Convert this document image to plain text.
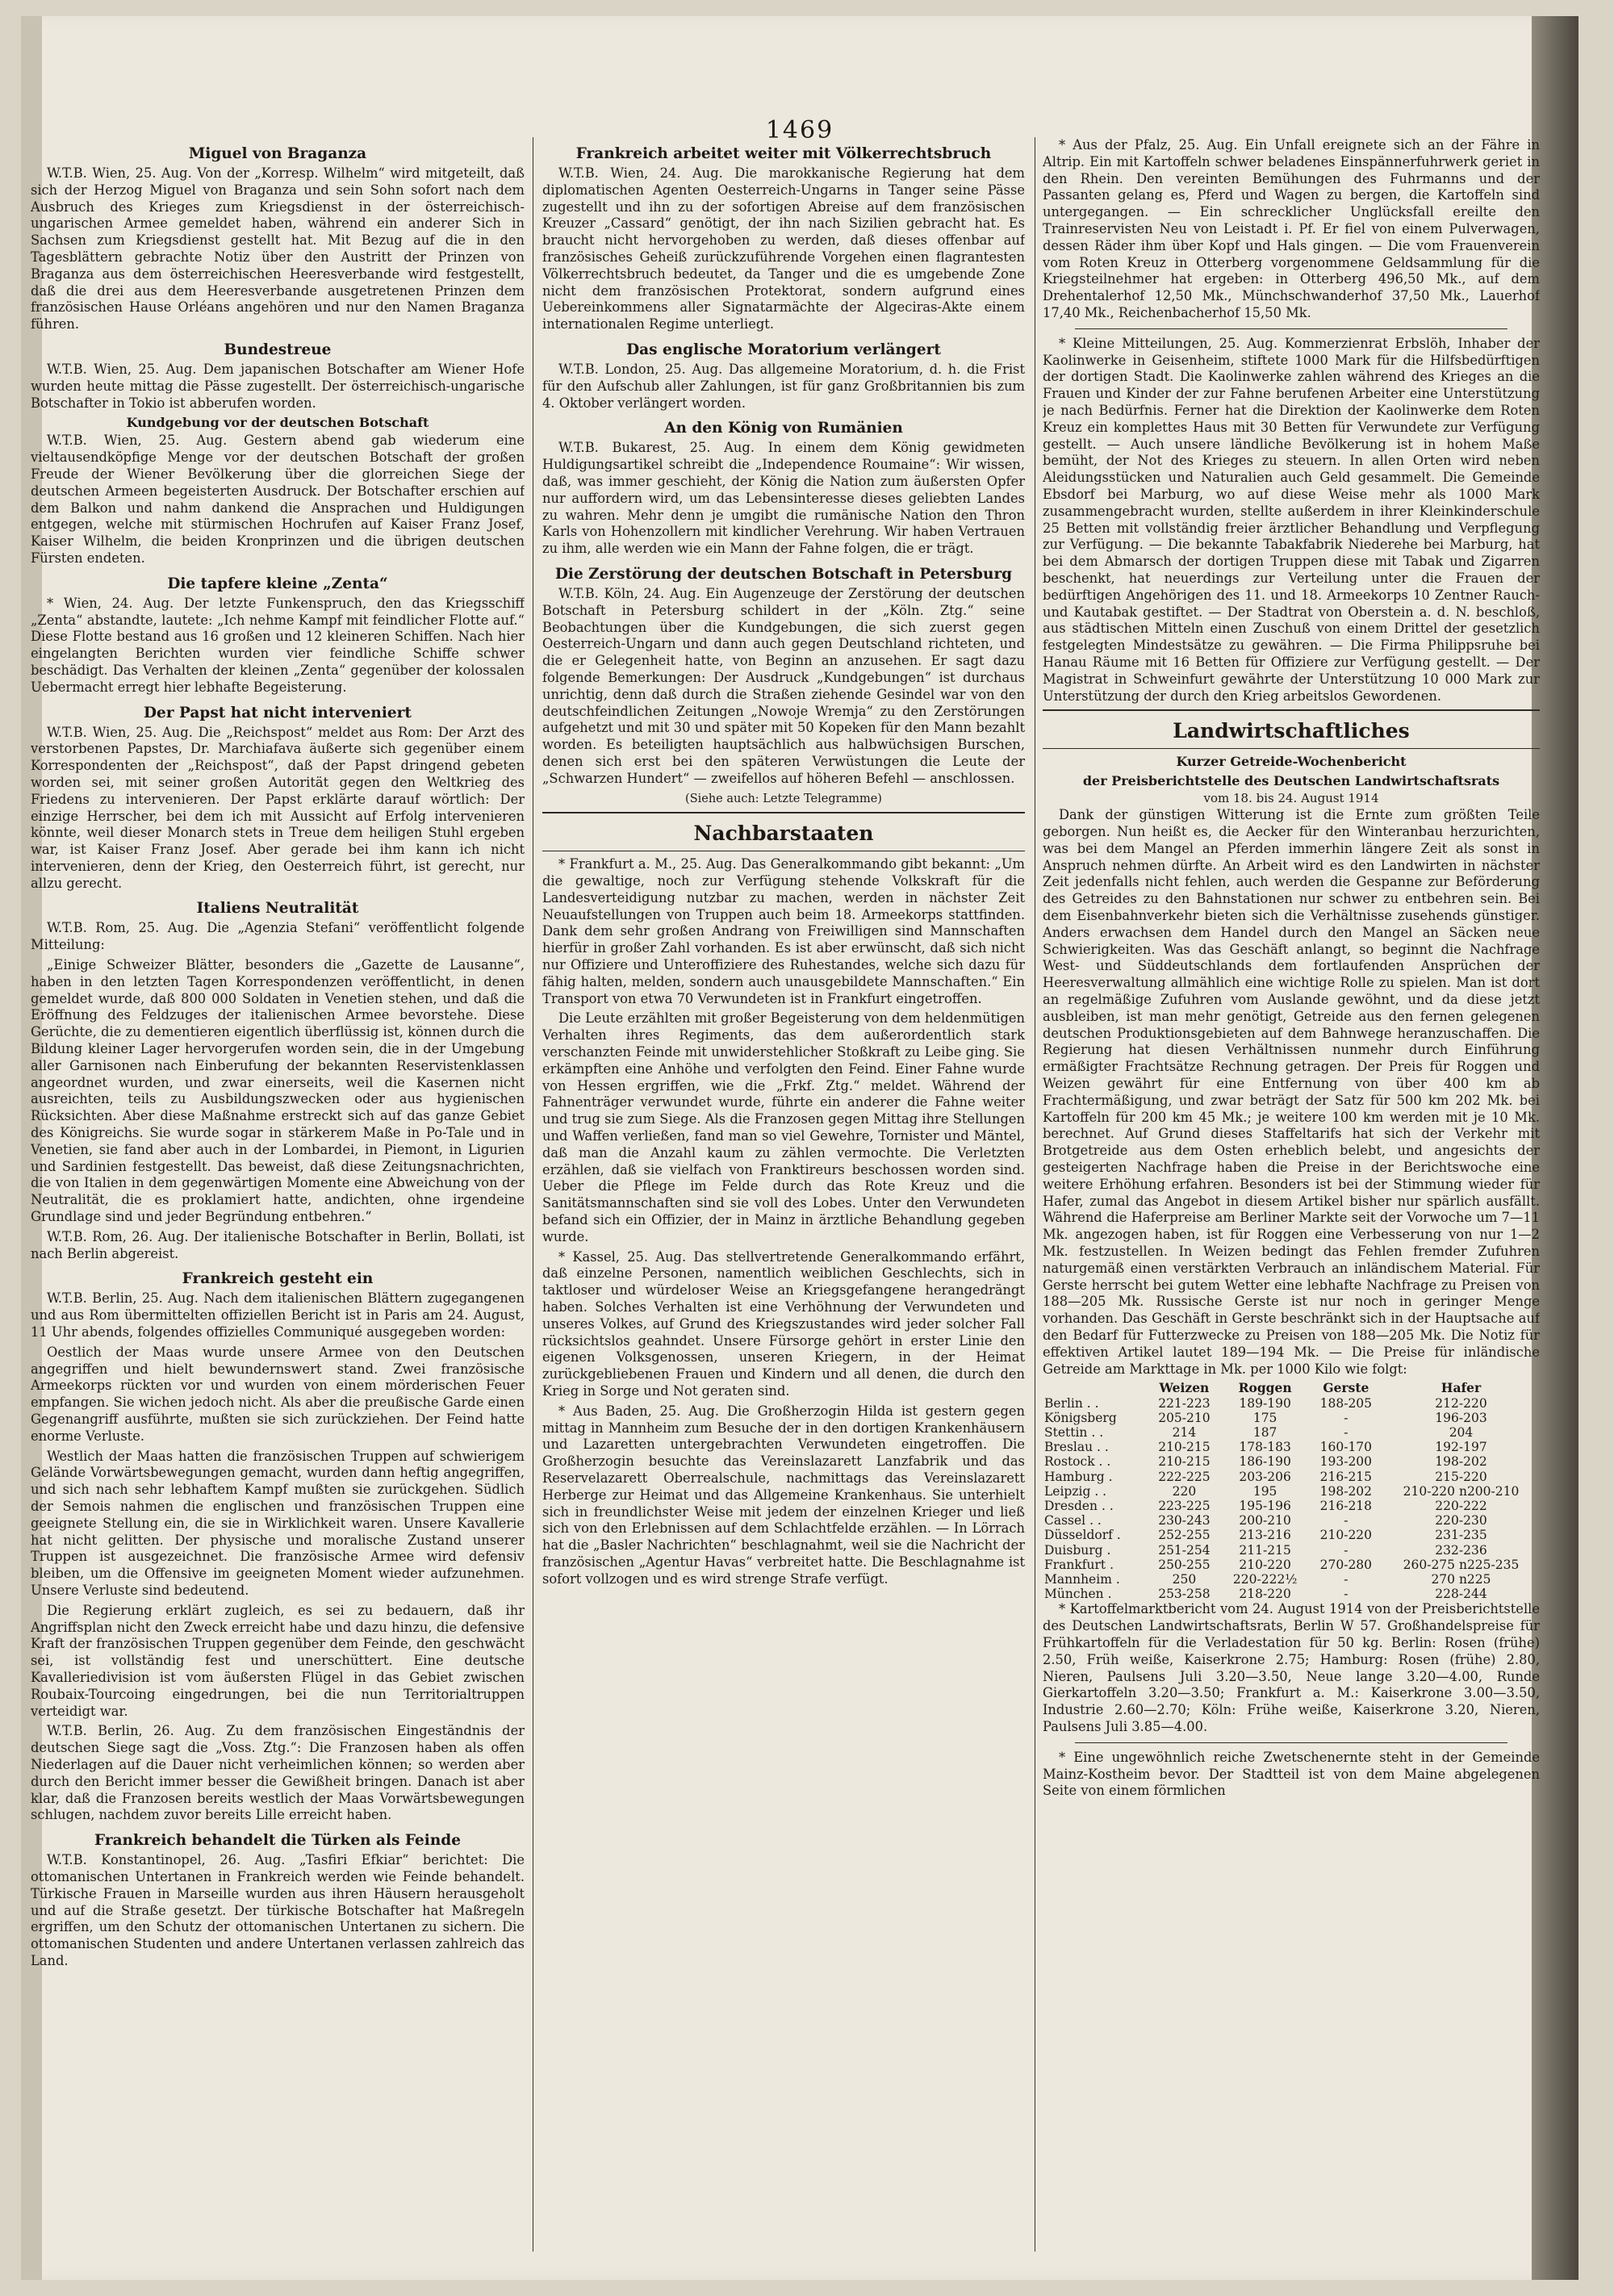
1469
Miguel von Braganza

W.T.B. Wien, 25. Aug. Von der „Korresp. Wilhelm“ wird mitgeteilt, daß sich der Herzog Miguel von Braganza und sein Sohn sofort nach dem Ausbruch des Krieges zum Kriegsdienst in der österreichisch-ungarischen Armee gemeldet haben, während ein anderer Sich in Sachsen zum Kriegsdienst gestellt hat. Mit Bezug auf die in den Tagesblättern gebrachte Notiz über den Austritt der Prinzen von Braganza aus dem österreichischen Heeresverbande wird festgestellt, daß die drei aus dem Heeresverbande ausgetretenen Prinzen dem französischen Hause Orléans angehören und nur den Namen Braganza führen.

Bundestreue

W.T.B. Wien, 25. Aug. Dem japanischen Botschafter am Wiener Hofe wurden heute mittag die Pässe zugestellt. Der österreichisch-ungarische Botschafter in Tokio ist abberufen worden.

Kundgebung vor der deutschen Botschaft

W.T.B. Wien, 25. Aug. Gestern abend gab wiederum eine vieltausendköpfige Menge vor der deutschen Botschaft der großen Freude der Wiener Bevölkerung über die glorreichen Siege der deutschen Armeen begeisterten Ausdruck. Der Botschafter erschien auf dem Balkon und nahm dankend die Ansprachen und Huldigungen entgegen, welche mit stürmischen Hochrufen auf Kaiser Franz Josef, Kaiser Wilhelm, die beiden Kronprinzen und die übrigen deutschen Fürsten endeten.

Die tapfere kleine „Zenta“

* Wien, 24. Aug. Der letzte Funkenspruch, den das Kriegsschiff „Zenta“ abstandte, lautete: „Ich nehme Kampf mit feindlicher Flotte auf.“ Diese Flotte bestand aus 16 großen und 12 kleineren Schiffen. Nach hier eingelangten Berichten wurden vier feindliche Schiffe schwer beschädigt. Das Verhalten der kleinen „Zenta“ gegenüber der kolossalen Uebermacht erregt hier lebhafte Begeisterung.

Der Papst hat nicht interveniert

W.T.B. Wien, 25. Aug. Die „Reichspost“ meldet aus Rom: Der Arzt des verstorbenen Papstes, Dr. Marchiafava äußerte sich gegenüber einem Korrespondenten der „Reichspost“, daß der Papst dringend gebeten worden sei, mit seiner großen Autorität gegen den Weltkrieg des Friedens zu intervenieren. Der Papst erklärte darauf wörtlich: Der einzige Herrscher, bei dem ich mit Aussicht auf Erfolg intervenieren könnte, weil dieser Monarch stets in Treue dem heiligen Stuhl ergeben war, ist Kaiser Franz Josef. Aber gerade bei ihm kann ich nicht intervenieren, denn der Krieg, den Oesterreich führt, ist gerecht, nur allzu gerecht.

Italiens Neutralität

W.T.B. Rom, 25. Aug. Die „Agenzia Stefani“ veröffentlicht folgende Mitteilung:

„Einige Schweizer Blätter, besonders die „Gazette de Lausanne“, haben in den letzten Tagen Korrespondenzen veröffentlicht, in denen gemeldet wurde, daß 800 000 Soldaten in Venetien stehen, und daß die Eröffnung des Feldzuges der italienischen Armee bevorstehe. Diese Gerüchte, die zu dementieren eigentlich überflüssig ist, können durch die Bildung kleiner Lager hervorgerufen worden sein, die in der Umgebung aller Garnisonen nach Einberufung der bekannten Reservistenklassen angeordnet wurden, und zwar einerseits, weil die Kasernen nicht ausreichten, teils zu Ausbildungszwecken oder aus hygienischen Rücksichten. Aber diese Maßnahme erstreckt sich auf das ganze Gebiet des Königreichs. Sie wurde sogar in stärkerem Maße in Po-Tale und in Venetien, sie fand aber auch in der Lombardei, in Piemont, in Ligurien und Sardinien festgestellt. Das beweist, daß diese Zeitungsnachrichten, die von Italien in dem gegenwärtigen Momente eine Abweichung von der Neutralität, die es proklamiert hatte, andichten, ohne irgendeine Grundlage sind und jeder Begründung entbehren.“

W.T.B. Rom, 26. Aug. Der italienische Botschafter in Berlin, Bollati, ist nach Berlin abgereist.

Frankreich gesteht ein

W.T.B. Berlin, 25. Aug. Nach dem italienischen Blättern zugegangenen und aus Rom übermittelten offiziellen Bericht ist in Paris am 24. August, 11 Uhr abends, folgendes offizielles Communiqué ausgegeben worden:

Oestlich der Maas wurde unsere Armee von den Deutschen angegriffen und hielt bewundernswert stand. Zwei französische Armeekorps rückten vor und wurden von einem mörderischen Feuer empfangen. Sie wichen jedoch nicht. Als aber die preußische Garde einen Gegenangriff ausführte, mußten sie sich zurückziehen. Der Feind hatte enorme Verluste.

Westlich der Maas hatten die französischen Truppen auf schwierigem Gelände Vorwärtsbewegungen gemacht, wurden dann heftig angegriffen, und sich nach sehr lebhaftem Kampf mußten sie zurückgehen. Südlich der Semois nahmen die englischen und französischen Truppen eine geeignete Stellung ein, die sie in Wirklichkeit waren. Unsere Kavallerie hat nicht gelitten. Der physische und moralische Zustand unserer Truppen ist ausgezeichnet. Die französische Armee wird defensiv bleiben, um die Offensive im geeigneten Moment wieder aufzunehmen. Unsere Verluste sind bedeutend.

Die Regierung erklärt zugleich, es sei zu bedauern, daß ihr Angriffsplan nicht den Zweck erreicht habe und dazu hinzu, die defensive Kraft der französischen Truppen gegenüber dem Feinde, den geschwächt sei, ist vollständig fest und unerschüttert. Eine deutsche Kavalleriedivision ist vom äußersten Flügel in das Gebiet zwischen Roubaix-Tourcoing eingedrungen, bei die nun Territorialtruppen verteidigt war.

W.T.B. Berlin, 26. Aug. Zu dem französischen Eingeständnis der deutschen Siege sagt die „Voss. Ztg.“: Die Franzosen haben als offen Niederlagen auf die Dauer nicht verheimlichen können; so werden aber durch den Bericht immer besser die Gewißheit bringen. Danach ist aber klar, daß die Franzosen bereits westlich der Maas Vorwärtsbewegungen schlugen, nachdem zuvor bereits Lille erreicht haben.

Frankreich behandelt die Türken als Feinde

W.T.B. Konstantinopel, 26. Aug. „Tasfiri Efkiar“ berichtet: Die ottomanischen Untertanen in Frankreich werden wie Feinde behandelt. Türkische Frauen in Marseille wurden aus ihren Häusern herausgeholt und auf die Straße gesetzt. Der türkische Botschafter hat Maßregeln ergriffen, um den Schutz der ottomanischen Untertanen zu sichern. Die ottomanischen Studenten und andere Untertanen verlassen zahlreich das Land.

Frankreich arbeitet weiter mit Völkerrechtsbruch

W.T.B. Wien, 24. Aug. Die marokkanische Regierung hat dem diplomatischen Agenten Oesterreich-Ungarns in Tanger seine Pässe zugestellt und ihn zu der sofortigen Abreise auf dem französischen Kreuzer „Cassard“ genötigt, der ihn nach Sizilien gebracht hat. Es braucht nicht hervorgehoben zu werden, daß dieses offenbar auf französisches Geheiß zurückzuführende Vorgehen einen flagrantesten Völkerrechtsbruch bedeutet, da Tanger und die es umgebende Zone nicht dem französischen Protektorat, sondern aufgrund eines Uebereinkommens aller Signatarmächte der Algeciras-Akte einem internationalen Regime unterliegt.

Das englische Moratorium verlängert

W.T.B. London, 25. Aug. Das allgemeine Moratorium, d. h. die Frist für den Aufschub aller Zahlungen, ist für ganz Großbritannien bis zum 4. Oktober verlängert worden.

An den König von Rumänien

W.T.B. Bukarest, 25. Aug. In einem dem König gewidmeten Huldigungsartikel schreibt die „Independence Roumaine“: Wir wissen, daß, was immer geschieht, der König die Nation zum äußersten Opfer nur auffordern wird, um das Lebensinteresse dieses geliebten Landes zu wahren. Mehr denn je umgibt die rumänische Nation den Thron Karls von Hohenzollern mit kindlicher Verehrung. Wir haben Vertrauen zu ihm, alle werden wie ein Mann der Fahne folgen, die er trägt.

Die Zerstörung der deutschen Botschaft in Petersburg

W.T.B. Köln, 24. Aug. Ein Augenzeuge der Zerstörung der deutschen Botschaft in Petersburg schildert in der „Köln. Ztg.“ seine Beobachtungen über die Kundgebungen, die sich zuerst gegen Oesterreich-Ungarn und dann auch gegen Deutschland richteten, und die er Gelegenheit hatte, von Beginn an anzusehen. Er sagt dazu folgende Bemerkungen: Der Ausdruck „Kundgebungen“ ist durchaus unrichtig, denn daß durch die Straßen ziehende Gesindel war von den deutschfeindlichen Zeitungen „Nowoje Wremja“ zu den Zerstörungen aufgehetzt und mit 30 und später mit 50 Kopeken für den Mann bezahlt worden. Es beteiligten hauptsächlich aus halbwüchsigen Burschen, denen sich erst bei den späteren Verwüstungen die Leute der „Schwarzen Hundert“ — zweifellos auf höheren Befehl — anschlossen.

(Siehe auch: Letzte Telegramme)
Nachbarstaaten

* Frankfurt a. M., 25. Aug. Das Generalkommando gibt bekannt: „Um die gewaltige, noch zur Verfügung stehende Volkskraft für die Landesverteidigung nutzbar zu machen, werden in nächster Zeit Neuaufstellungen von Truppen auch beim 18. Armeekorps stattfinden. Dank dem sehr großen Andrang von Freiwilligen sind Mannschaften hierfür in großer Zahl vorhanden. Es ist aber erwünscht, daß sich nicht nur Offiziere und Unteroffiziere des Ruhestandes, welche sich dazu für fähig halten, melden, sondern auch unausgebildete Mannschaften.“ Ein Transport von etwa 70 Verwundeten ist in Frankfurt eingetroffen.

Die Leute erzählten mit großer Begeisterung von dem heldenmütigen Verhalten ihres Regiments, das dem außerordentlich stark verschanzten Feinde mit unwiderstehlicher Stoßkraft zu Leibe ging. Sie erkämpften eine Anhöhe und verfolgten den Feind. Einer Fahne wurde von Hessen ergriffen, wie die „Frkf. Ztg.“ meldet. Während der Fahnenträger verwundet wurde, führte ein anderer die Fahne weiter und trug sie zum Siege. Als die Franzosen gegen Mittag ihre Stellungen und Waffen verließen, fand man so viel Gewehre, Tornister und Mäntel, daß man die Anzahl kaum zu zählen vermochte. Die Verletzten erzählen, daß sie vielfach von Franktireurs beschossen worden sind. Ueber die Pflege im Felde durch das Rote Kreuz und die Sanitätsmannschaften sind sie voll des Lobes. Unter den Verwundeten befand sich ein Offizier, der in Mainz in ärztliche Behandlung gegeben wurde.

* Kassel, 25. Aug. Das stellvertretende Generalkommando erfährt, daß einzelne Personen, namentlich weiblichen Geschlechts, sich in taktloser und würdeloser Weise an Kriegsgefangene herangedrängt haben. Solches Verhalten ist eine Verhöhnung der Verwundeten und unseres Volkes, auf Grund des Kriegszustandes wird jeder solcher Fall rücksichtslos geahndet. Unsere Fürsorge gehört in erster Linie den eigenen Volksgenossen, unseren Kriegern, in der Heimat zurückgebliebenen Frauen und Kindern und all denen, die durch den Krieg in Sorge und Not geraten sind.

* Aus Baden, 25. Aug. Die Großherzogin Hilda ist gestern gegen mittag in Mannheim zum Besuche der in den dortigen Krankenhäusern und Lazaretten untergebrachten Verwundeten eingetroffen. Die Großherzogin besuchte das Vereinslazarett Lanzfabrik und das Reservelazarett Oberrealschule, nachmittags das Vereinslazarett Herberge zur Heimat und das Allgemeine Krankenhaus. Sie unterhielt sich in freundlichster Weise mit jedem der einzelnen Krieger und ließ sich von den Erlebnissen auf dem Schlachtfelde erzählen. — In Lörrach hat die „Basler Nachrichten“ beschlagnahmt, weil sie die Nachricht der französischen „Agentur Havas“ verbreitet hatte. Die Beschlagnahme ist sofort vollzogen und es wird strenge Strafe verfügt.

* Aus der Pfalz, 25. Aug. Ein Unfall ereignete sich an der Fähre in Altrip. Ein mit Kartoffeln schwer beladenes Einspännerfuhrwerk geriet in den Rhein. Den vereinten Bemühungen des Fuhrmanns und der Passanten gelang es, Pferd und Wagen zu bergen, die Kartoffeln sind untergegangen. — Ein schrecklicher Unglücksfall ereilte den Trainreservisten Neu von Leistadt i. Pf. Er fiel von einem Pulverwagen, dessen Räder ihm über Kopf und Hals gingen. — Die vom Frauenverein vom Roten Kreuz in Otterberg vorgenommene Geldsammlung für die Kriegsteilnehmer hat ergeben: in Otterberg 496,50 Mk., auf dem Drehentalerhof 12,50 Mk., Münchschwanderhof 37,50 Mk., Lauerhof 17,40 Mk., Reichenbacherhof 15,50 Mk.

* Kleine Mitteilungen, 25. Aug. Kommerzienrat Erbslöh, Inhaber der Kaolinwerke in Geisenheim, stiftete 1000 Mark für die Hilfsbedürftigen der dortigen Stadt. Die Kaolinwerke zahlen während des Krieges an die Frauen und Kinder der zur Fahne berufenen Arbeiter eine Unterstützung je nach Bedürfnis. Ferner hat die Direktion der Kaolinwerke dem Roten Kreuz ein komplettes Haus mit 30 Betten für Verwundete zur Verfügung gestellt. — Auch unsere ländliche Bevölkerung ist in hohem Maße bemüht, der Not des Krieges zu steuern. In allen Orten wird neben Aleidungsstücken und Naturalien auch Geld gesammelt. Die Gemeinde Ebsdorf bei Marburg, wo auf diese Weise mehr als 1000 Mark zusammengebracht wurden, stellte außerdem in ihrer Kleinkinderschule 25 Betten mit vollständig freier ärztlicher Behandlung und Verpflegung zur Verfügung. — Die bekannte Tabakfabrik Niederehe bei Marburg, hat bei dem Abmarsch der dortigen Truppen diese mit Tabak und Zigarren beschenkt, hat neuerdings zur Verteilung unter die Frauen der bedürftigen Angehörigen des 11. und 18. Armeekorps 10 Zentner Rauch- und Kautabak gestiftet. — Der Stadtrat von Oberstein a. d. N. beschloß, aus städtischen Mitteln einen Zuschuß von einem Drittel der gesetzlich festgelegten Mindestsätze zu gewähren. — Die Firma Philippsruhe bei Hanau Räume mit 16 Betten für Offiziere zur Verfügung gestellt. — Der Magistrat in Schweinfurt gewährte der Unterstützung 10 000 Mark zur Unterstützung der durch den Krieg arbeitslos Gewordenen.

Landwirtschaftliches
Kurzer Getreide-Wochenbericht
der Preisberichtstelle des Deutschen Landwirtschaftsrats
vom 18. bis 24. August 1914

Dank der günstigen Witterung ist die Ernte zum größten Teile geborgen. Nun heißt es, die Aecker für den Winteranbau herzurichten, was bei dem Mangel an Pferden immerhin längere Zeit als sonst in Anspruch nehmen dürfte. An Arbeit wird es den Landwirten in nächster Zeit jedenfalls nicht fehlen, auch werden die Gespanne zur Beförderung des Getreides zu den Bahnstationen nur schwer zu entbehren sein. Bei dem Eisenbahnverkehr bieten sich die Verhältnisse zusehends günstiger. Anders erwachsen dem Handel durch den Mangel an Säcken neue Schwierigkeiten. Was das Geschäft anlangt, so beginnt die Nachfrage West- und Süddeutschlands dem fortlaufenden Ansprüchen der Heeresverwaltung allmählich eine wichtige Rolle zu spielen. Man ist dort an regelmäßige Zufuhren vom Auslande gewöhnt, und da diese jetzt ausbleiben, ist man mehr genötigt, Getreide aus den fernen gelegenen deutschen Produktionsgebieten auf dem Bahnwege heranzuschaffen. Die Regierung hat diesen Verhältnissen nunmehr durch Einführung ermäßigter Frachtsätze Rechnung getragen. Der Preis für Roggen und Weizen gewährt für eine Entfernung von über 400 km ab Frachtermäßigung, und zwar beträgt der Satz für 500 km 202 Mk. bei Kartoffeln für 200 km 45 Mk.; je weitere 100 km werden mit je 10 Mk. berechnet. Auf Grund dieses Staffeltarifs hat sich der Verkehr mit Brotgetreide aus dem Osten erheblich belebt, und angesichts der gesteigerten Nachfrage haben die Preise in der Berichtswoche eine weitere Erhöhung erfahren. Besonders ist bei der Stimmung wieder für Hafer, zumal das Angebot in diesem Artikel bisher nur spärlich ausfällt. Während die Haferpreise am Berliner Markte seit der Vorwoche um 7—11 Mk. angezogen haben, ist für Roggen eine Verbesserung von nur 1—2 Mk. festzustellen. In Weizen bedingt das Fehlen fremder Zufuhren naturgemäß einen verstärkten Verbrauch an inländischem Material. Für Gerste herrscht bei gutem Wetter eine lebhafte Nachfrage zu Preisen von 188—205 Mk. Russische Gerste ist nur noch in geringer Menge vorhanden. Das Geschäft in Gerste beschränkt sich in der Hauptsache auf den Bedarf für Futterzwecke zu Preisen von 188—205 Mk. Die Notiz für effektiven Artikel lautet 189—194 Mk. — Die Preise für inländische Getreide am Markttage in Mk. per 1000 Kilo wie folgt:

	Weizen	Roggen	Gerste	Hafer
Berlin . .	221-223	189-190	188-205	212-220
Königsberg	205-210	175	-	196-203
Stettin . .	214	187	-	204
Breslau . .	210-215	178-183	160-170	192-197
Rostock . .	210-215	186-190	193-200	198-202
Hamburg .	222-225	203-206	216-215	215-220
Leipzig . .	220	195	198-202	210-220 n200-210
Dresden . .	223-225	195-196	216-218	220-222
Cassel . .	230-243	200-210	-	220-230
Düsseldorf .	252-255	213-216	210-220	231-235
Duisburg .	251-254	211-215	-	232-236
Frankfurt .	250-255	210-220	270-280	260-275 n225-235
Mannheim .	250	220-222½	-	270 n225
München .	253-258	218-220	-	228-244

* Kartoffelmarktbericht vom 24. August 1914 von der Preisberichtstelle des Deutschen Landwirtschaftsrats, Berlin W 57. Großhandelspreise für Frühkartoffeln für die Verladestation für 50 kg. Berlin: Rosen (frühe) 2.50, Früh weiße, Kaiserkrone 2.75; Hamburg: Rosen (frühe) 2.80, Nieren, Paulsens Juli 3.20—3.50, Neue lange 3.20—4.00, Runde Gierkartoffeln 3.20—3.50; Frankfurt a. M.: Kaiserkrone 3.00—3.50, Industrie 2.60—2.70; Köln: Frühe weiße, Kaiserkrone 3.20, Nieren, Paulsens Juli 3.85—4.00.

* Eine ungewöhnlich reiche Zwetschenernte steht in der Gemeinde Mainz-Kostheim bevor. Der Stadtteil ist von dem Maine abgelegenen Seite von einem förmlichen
